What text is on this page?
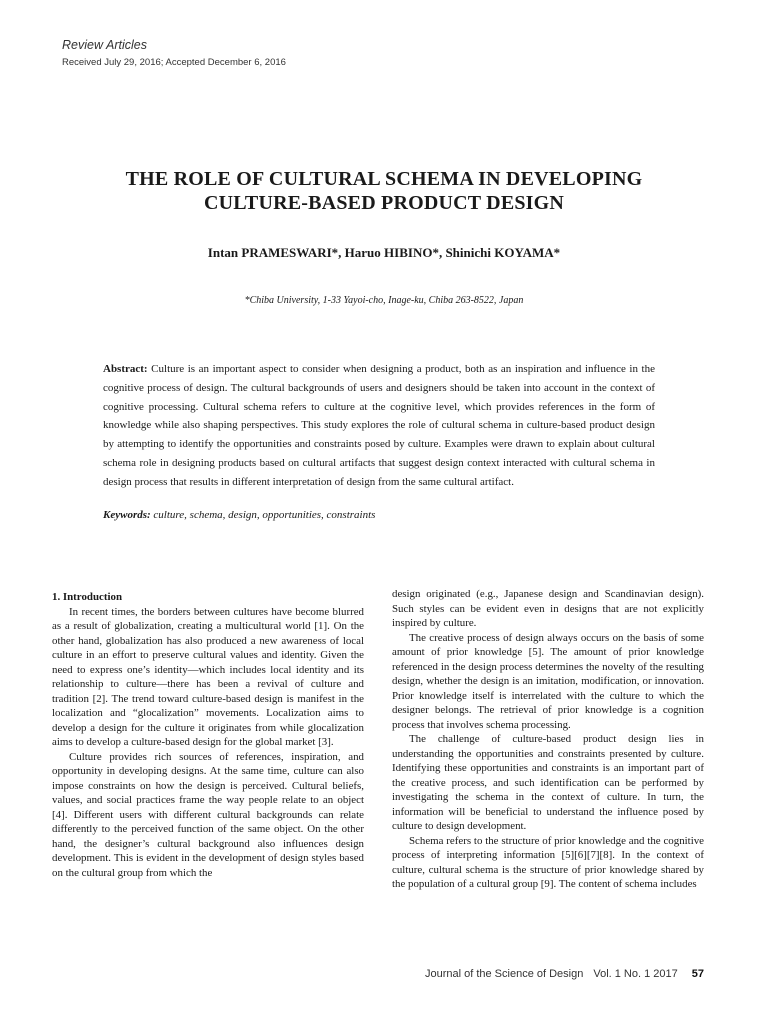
Review Articles
Received July 29, 2016; Accepted December 6, 2016
THE ROLE OF CULTURAL SCHEMA IN DEVELOPING
CULTURE-BASED PRODUCT DESIGN
Intan PRAMESWARI*, Haruo HIBINO*, Shinichi KOYAMA*
*Chiba University, 1-33 Yayoi-cho, Inage-ku, Chiba 263-8522, Japan

Abstract: Culture is an important aspect to consider when designing a product, both as an inspiration and influence in the cognitive process of design. The cultural backgrounds of users and designers should be taken into account in the context of cognitive processing. Cultural schema refers to culture at the cognitive level, which provides references in the form of knowledge while also shaping perspectives. This study explores the role of cultural schema in culture-based product design by attempting to identify the opportunities and constraints posed by culture. Examples were drawn to explain about cultural schema role in designing products based on cultural artifacts that suggest design context interacted with cultural schema in design process that results in different interpretation of design from the same cultural artifact.

Keywords: culture, schema, design, opportunities, constraints
1. Introduction

In recent times, the borders between cultures have become blurred as a result of globalization, creating a multicultural world [1]. On the other hand, globalization has also produced a new awareness of local culture in an effort to preserve cultural values and identity. Given the need to express one’s identity—which includes local identity and its relationship to culture—there has been a revival of culture and tradition [2]. The trend toward culture-based design is manifest in the localization and “glocalization” movements. Localization aims to develop a design for the culture it originates from while glocalization aims to develop a culture-based design for the global market [3].

Culture provides rich sources of references, inspiration, and opportunity in developing designs. At the same time, culture can also impose constraints on how the design is perceived. Cultural beliefs, values, and social practices frame the way people relate to an object [4]. Different users with different cultural backgrounds can relate differently to the perceived function of the same object. On the other hand, the designer’s cultural background also influences design development. This is evident in the development of design styles based on the cultural group from which the

design originated (e.g., Japanese design and Scandinavian design). Such styles can be evident even in designs that are not explicitly inspired by culture.

The creative process of design always occurs on the basis of some amount of prior knowledge [5]. The amount of prior knowledge referenced in the design process determines the novelty of the resulting design, whether the design is an imitation, modification, or innovation. Prior knowledge itself is interrelated with the culture to which the designer belongs. The retrieval of prior knowledge is a cognition process that involves schema processing.

The challenge of culture-based product design lies in understanding the opportunities and constraints presented by culture. Identifying these opportunities and constraints is an important part of the creative process, and such identification can be performed by investigating the schema in the context of culture. In turn, the information will be beneficial to understand the influence posed by culture to design development.

Schema refers to the structure of prior knowledge and the cognitive process of interpreting information [5][6][7][8]. In the context of culture, cultural schema is the structure of prior knowledge shared by the population of a cultural group [9]. The content of schema includes

Journal of the Science of Design Vol. 1 No. 1 2017 57
